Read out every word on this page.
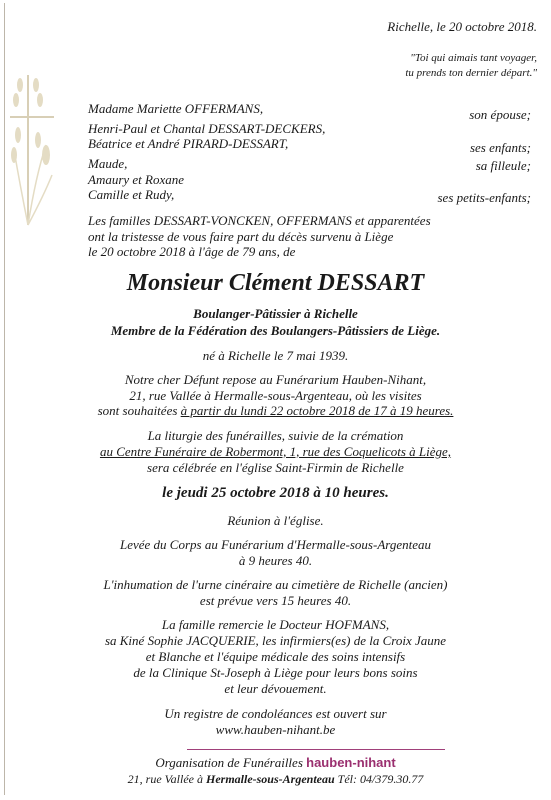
Richelle, le 20 octobre 2018.
"Toi qui aimais tant voyager,
tu prends ton dernier départ."
Madame Mariette OFFERMANS,
Henri-Paul et Chantal DESSART-DECKERS,
Béatrice et André PIRARD-DESSART,
Maude,
Amaury et Roxane
Camille et Rudy,
son épouse;
ses enfants;
sa filleule;
ses petits-enfants;
Les familles DESSART-VONCKEN, OFFERMANS et apparentées
ont la tristesse de vous faire part du décès survenu à Liège
le 20 octobre 2018 à l'âge de 79 ans, de
Monsieur Clément DESSART
Boulanger-Pâtissier à Richelle
Membre de la Fédération des Boulangers-Pâtissiers de Liège.
né à Richelle le 7 mai 1939.
Notre cher Défunt repose au Funérarium Hauben-Nihant,
21, rue Vallée à Hermalle-sous-Argenteau, où les visites
sont souhaitées à partir du lundi 22 octobre 2018 de 17 à 19 heures.
La liturgie des funérailles, suivie de la crémation
au Centre Funéraire de Robermont, 1, rue des Coquelicots à Liège,
sera célébrée en l'église Saint-Firmin de Richelle
le jeudi 25 octobre 2018 à 10 heures.
Réunion à l'église.
Levée du Corps au Funérarium d'Hermalle-sous-Argenteau
à 9 heures 40.
L'inhumation de l'urne cinéraire au cimetière de Richelle (ancien)
est prévue vers 15 heures 40.
La famille remercie le Docteur HOFMANS,
sa Kiné Sophie JACQUERIE, les infirmiers(es) de la Croix Jaune
et Blanche et l'équipe médicale des soins intensifs
de la Clinique St-Joseph à Liège pour leurs bons soins
et leur dévouement.
Un registre de condoléances est ouvert sur
www.hauben-nihant.be
Organisation de Funérailles hauben-nihant
21, rue Vallée à Hermalle-sous-Argenteau Tél: 04/379.30.77
